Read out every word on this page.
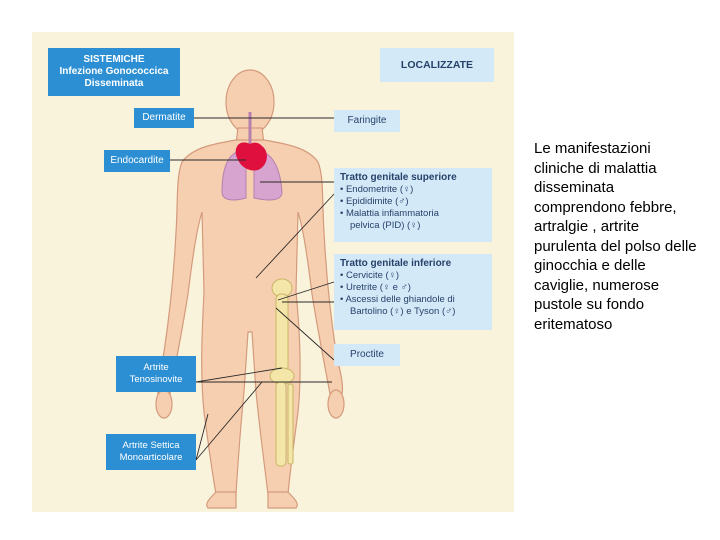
SISTEMICHE
Infezione Gonococcica
Disseminata
LOCALIZZATE
Dermatite	Faringite
Endocardite
Tratto genitale superiore
• Endometrite (♀)
• Epididimite (♂)
• Malattia infiammatoria
pelvica (PID) (♀)
Tratto genitale inferiore
• Cervicite (♀)
• Uretrite (♀ e ♂)
• Ascessi delle ghiandole di
Bartolino (♀) e Tyson (♂)
Proctite
Artrite
Tenosinovite
Artrite Settica
Monoarticolare
Le manifestazioni cliniche di malattia disseminata comprendono febbre, artralgie , artrite purulenta del polso delle ginocchia e delle caviglie, numerose pustole su fondo eritematoso
